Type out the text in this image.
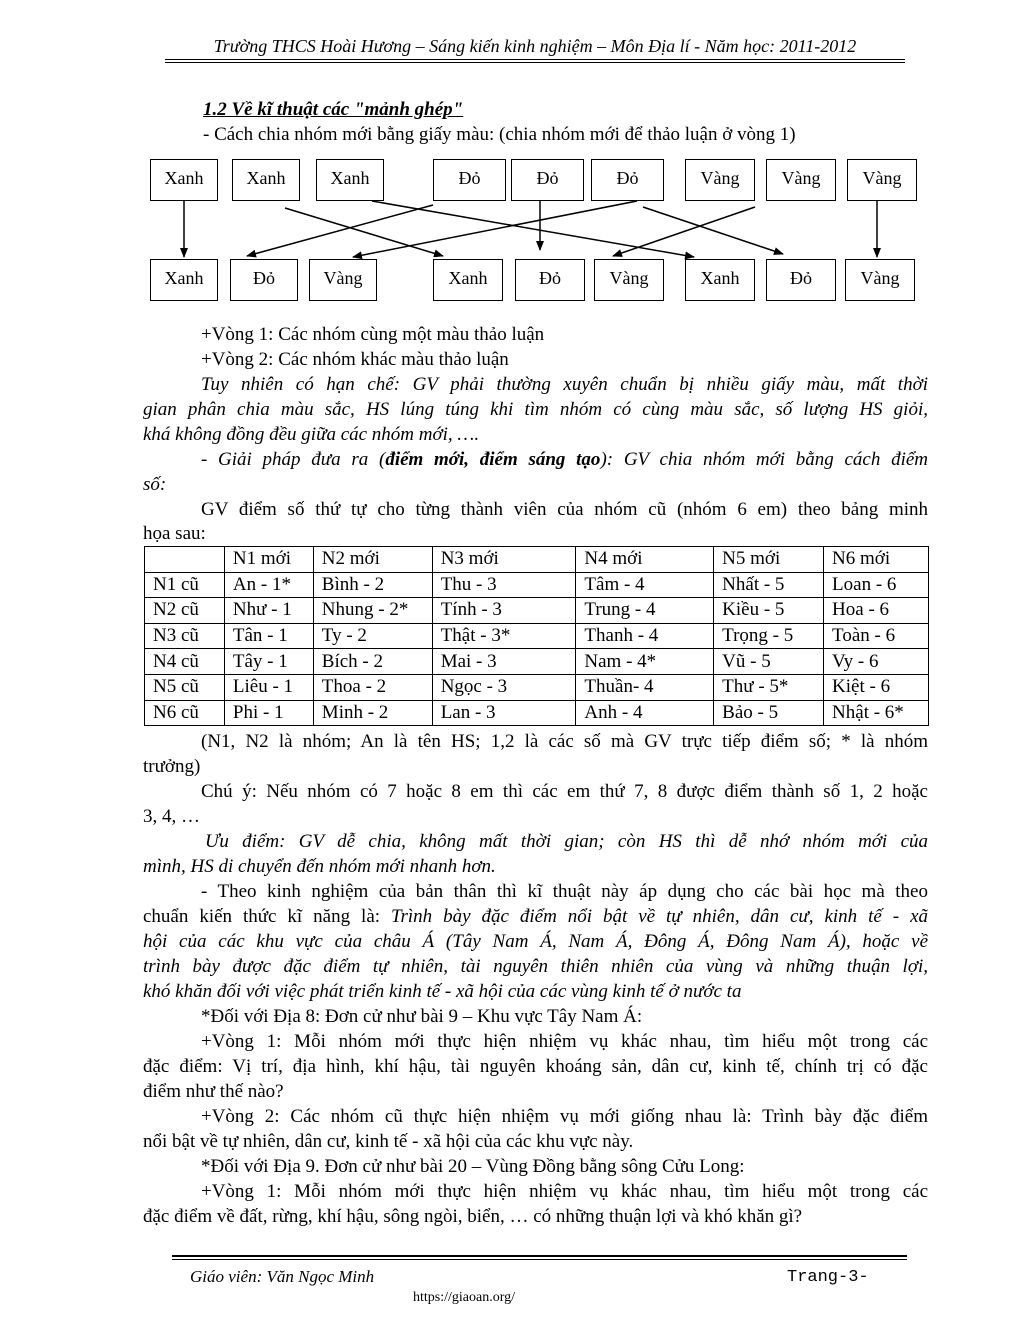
Trường THCS Hoài Hương – Sáng kiến kinh nghiệm – Môn Địa lí - Năm học: 2011-2012
1.2 Về kĩ thuật các "mảnh ghép"
- Cách chia nhóm mới bằng giấy màu: (chia nhóm mới để thảo luận ở vòng 1)
Xanh	Xanh	Xanh	Đỏ	Đỏ	Đỏ	Vàng	Vàng	Vàng
Xanh	Đỏ	Vàng	Xanh	Đỏ	Vàng	Xanh	Đỏ	Vàng
+Vòng 1: Các nhóm cùng một màu thảo luận
+Vòng 2: Các nhóm khác màu thảo luận
Tuy nhiên có hạn chế: GV phải thường xuyên chuẩn bị nhiều giấy màu, mất thời
gian phân chia màu sắc, HS lúng túng khi tìm nhóm có cùng màu sắc, số lượng HS giỏi,
khá không đồng đều giữa các nhóm mới, ….
- Giải pháp đưa ra (điểm mới, điểm sáng tạo): GV chia nhóm mới bằng cách điểm
số:
GV điểm số thứ tự cho từng thành viên của nhóm cũ (nhóm 6 em) theo bảng minh
họa sau:
	N1 mới	N2 mới	N3 mới	N4 mới	N5 mới	N6 mới
N1 cũ	An - 1*	Bình - 2	Thu - 3	Tâm - 4	Nhất - 5	Loan - 6
N2 cũ	Như - 1	Nhung - 2*	Tính - 3	Trung - 4	Kiều - 5	Hoa - 6
N3 cũ	Tân - 1	Ty - 2	Thật - 3*	Thanh - 4	Trọng - 5	Toàn - 6
N4 cũ	Tây - 1	Bích - 2	Mai - 3	Nam - 4*	Vũ - 5	Vy - 6
N5 cũ	Liêu - 1	Thoa - 2	Ngọc - 3	Thuần- 4	Thư - 5*	Kiệt - 6
N6 cũ	Phi - 1	Minh - 2	Lan - 3	Anh - 4	Bảo - 5	Nhật - 6*
(N1, N2 là nhóm; An là tên HS; 1,2 là các số mà GV trực tiếp điểm số; * là nhóm
trưởng)
Chú ý: Nếu nhóm có 7 hoặc 8 em thì các em thứ 7, 8 được điểm thành số 1, 2 hoặc
3, 4, …
Ưu điểm: GV dễ chia, không mất thời gian; còn HS thì dễ nhớ nhóm mới của
mình, HS di chuyển đến nhóm mới nhanh hơn.
- Theo kinh nghiệm của bản thân thì kĩ thuật này áp dụng cho các bài học mà theo
chuẩn kiến thức kĩ năng là: Trình bày đặc điểm nổi bật về tự nhiên, dân cư, kinh tế - xã
hội của các khu vực của châu Á (Tây Nam Á, Nam Á, Đông Á, Đông Nam Á), hoặc về
trình bày được đặc điểm tự nhiên, tài nguyên thiên nhiên của vùng và những thuận lợi,
khó khăn đối với việc phát triển kinh tế - xã hội của các vùng kinh tế ở nước ta
*Đối với Địa 8: Đơn cử như bài 9 – Khu vực Tây Nam Á:
+Vòng 1: Mỗi nhóm mới thực hiện nhiệm vụ khác nhau, tìm hiểu một trong các
đặc điểm: Vị trí, địa hình, khí hậu, tài nguyên khoáng sản, dân cư, kinh tế, chính trị có đặc
điểm như thế nào?
+Vòng 2: Các nhóm cũ thực hiện nhiệm vụ mới giống nhau là: Trình bày đặc điểm
nổi bật về tự nhiên, dân cư, kinh tế - xã hội của các khu vực này.
*Đối với Địa 9. Đơn cử như bài 20 – Vùng Đồng bằng sông Cửu Long:
+Vòng 1: Mỗi nhóm mới thực hiện nhiệm vụ khác nhau, tìm hiểu một trong các
đặc điểm về đất, rừng, khí hậu, sông ngòi, biển, … có những thuận lợi và khó khăn gì?
Giáo viên: Văn Ngọc Minh	Trang-3-
https://giaoan.org/
